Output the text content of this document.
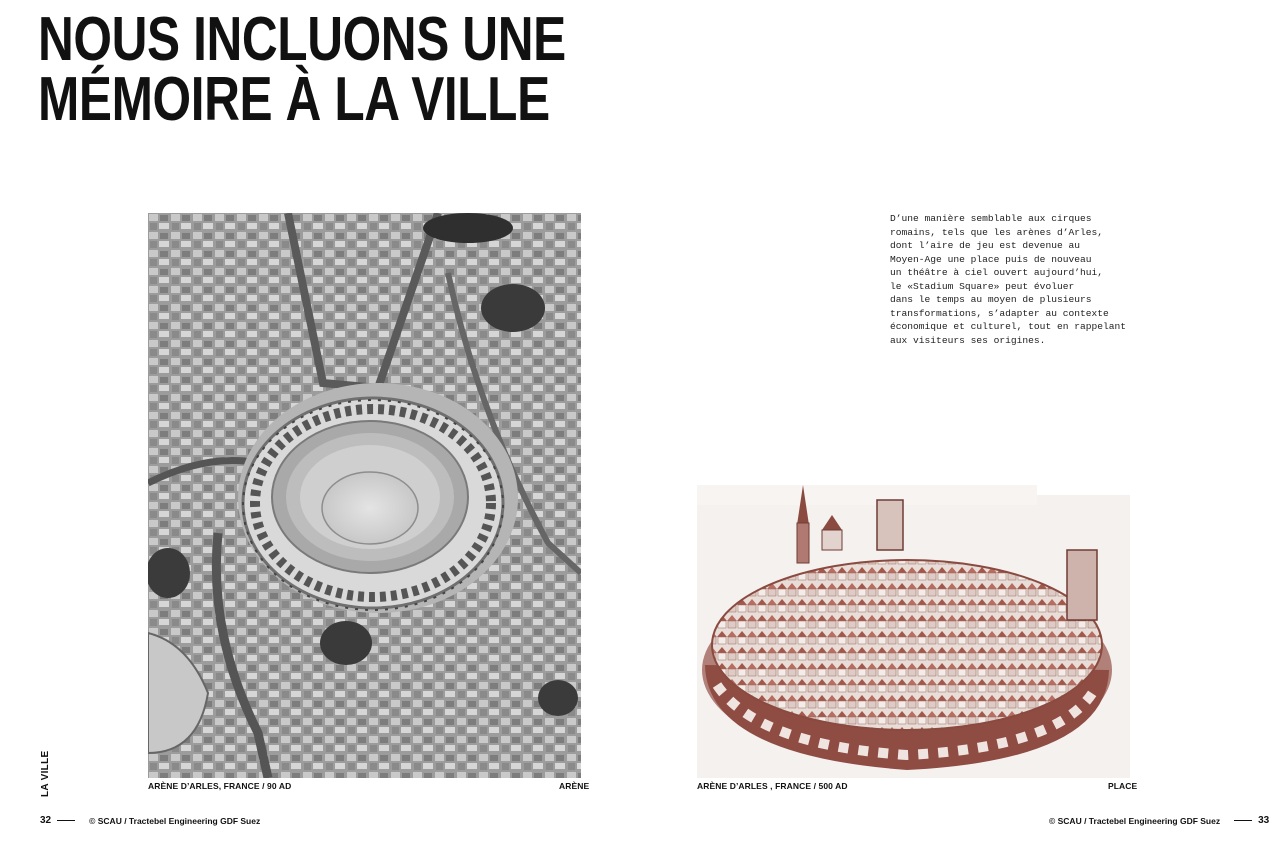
NOUS INCLUONS UNE
MÉMOIRE À LA VILLE
ARÈNE D’ARLES, FRANCE / 90 AD	ARÈNE
D’une manière semblable aux cirques
romains, tels que les arènes d’Arles,
dont l’aire de jeu est devenue au
Moyen-Age une place puis de nouveau
un théâtre à ciel ouvert aujourd’hui,
le «Stadium Square» peut évoluer
dans le temps au moyen de plusieurs
transformations, s’adapter au contexte
économique et culturel, tout en rappelant
aux visiteurs ses origines.
ARÈNE D’ARLES , FRANCE / 500 AD	PLACE
LA VILLE
32	© SCAU / Tractebel Engineering GDF Suez	© SCAU / Tractebel Engineering GDF Suez	33
